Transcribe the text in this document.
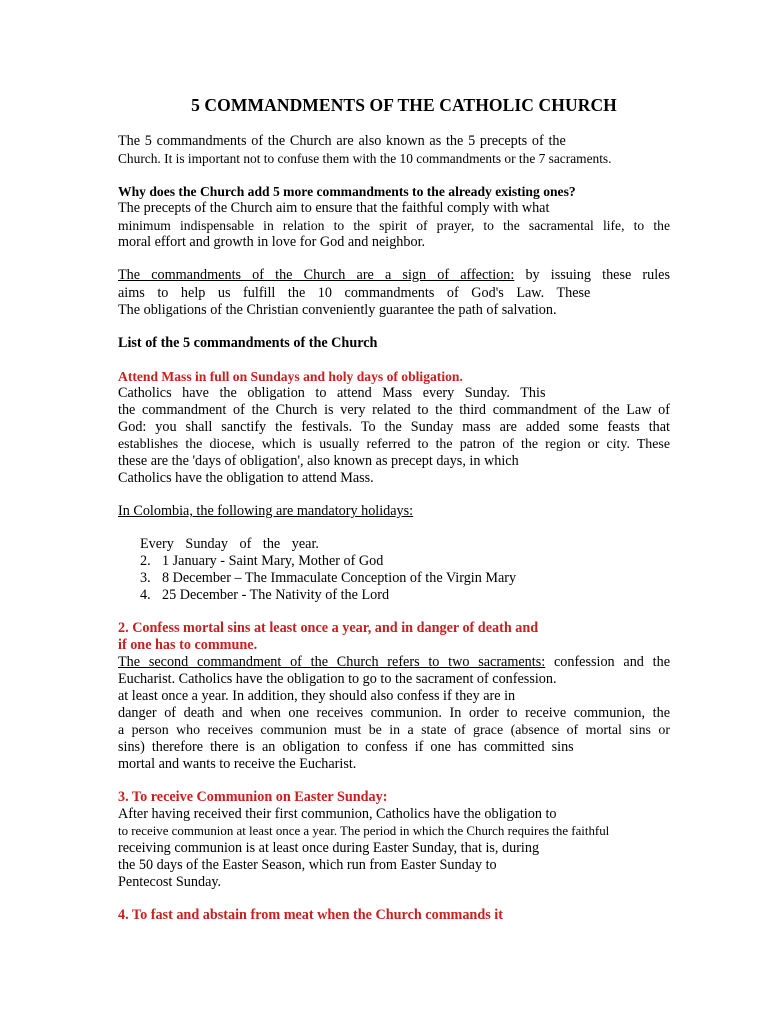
5 COMMANDMENTS OF THE CATHOLIC CHURCH
The 5 commandments of the Church are also known as the 5 precepts of the
Church. It is important not to confuse them with the 10 commandments or the 7 sacraments.
Why does the Church add 5 more commandments to the already existing ones?
The precepts of the Church aim to ensure that the faithful comply with what
minimum indispensable in relation to the spirit of prayer, to the sacramental life, to the
moral effort and growth in love for God and neighbor.
The commandments of the Church are a sign of affection: by issuing these rules
aims to help us fulfill the 10 commandments of God's Law. These
The obligations of the Christian conveniently guarantee the path of salvation.
List of the 5 commandments of the Church
Attend Mass in full on Sundays and holy days of obligation.
Catholics have the obligation to attend Mass every Sunday. This
the commandment of the Church is very related to the third commandment of the Law of
God: you shall sanctify the festivals. To the Sunday mass are added some feasts that
establishes the diocese, which is usually referred to the patron of the region or city. These
these are the 'days of obligation', also known as precept days, in which
Catholics have the obligation to attend Mass.
In Colombia, the following are mandatory holidays:
Every Sunday of the year.
2. 1 January - Saint Mary, Mother of God
3. 8 December – The Immaculate Conception of the Virgin Mary
4. 25 December - The Nativity of the Lord
2. Confess mortal sins at least once a year, and in danger of death and
if one has to commune.
The second commandment of the Church refers to two sacraments: confession and the
Eucharist. Catholics have the obligation to go to the sacrament of confession.
at least once a year. In addition, they should also confess if they are in
danger of death and when one receives communion. In order to receive communion, the
a person who receives communion must be in a state of grace (absence of mortal sins or
sins) therefore there is an obligation to confess if one has committed sins
mortal and wants to receive the Eucharist.
3. To receive Communion on Easter Sunday:
After having received their first communion, Catholics have the obligation to
to receive communion at least once a year. The period in which the Church requires the faithful
receiving communion is at least once during Easter Sunday, that is, during
the 50 days of the Easter Season, which run from Easter Sunday to
Pentecost Sunday.
4. To fast and abstain from meat when the Church commands it
